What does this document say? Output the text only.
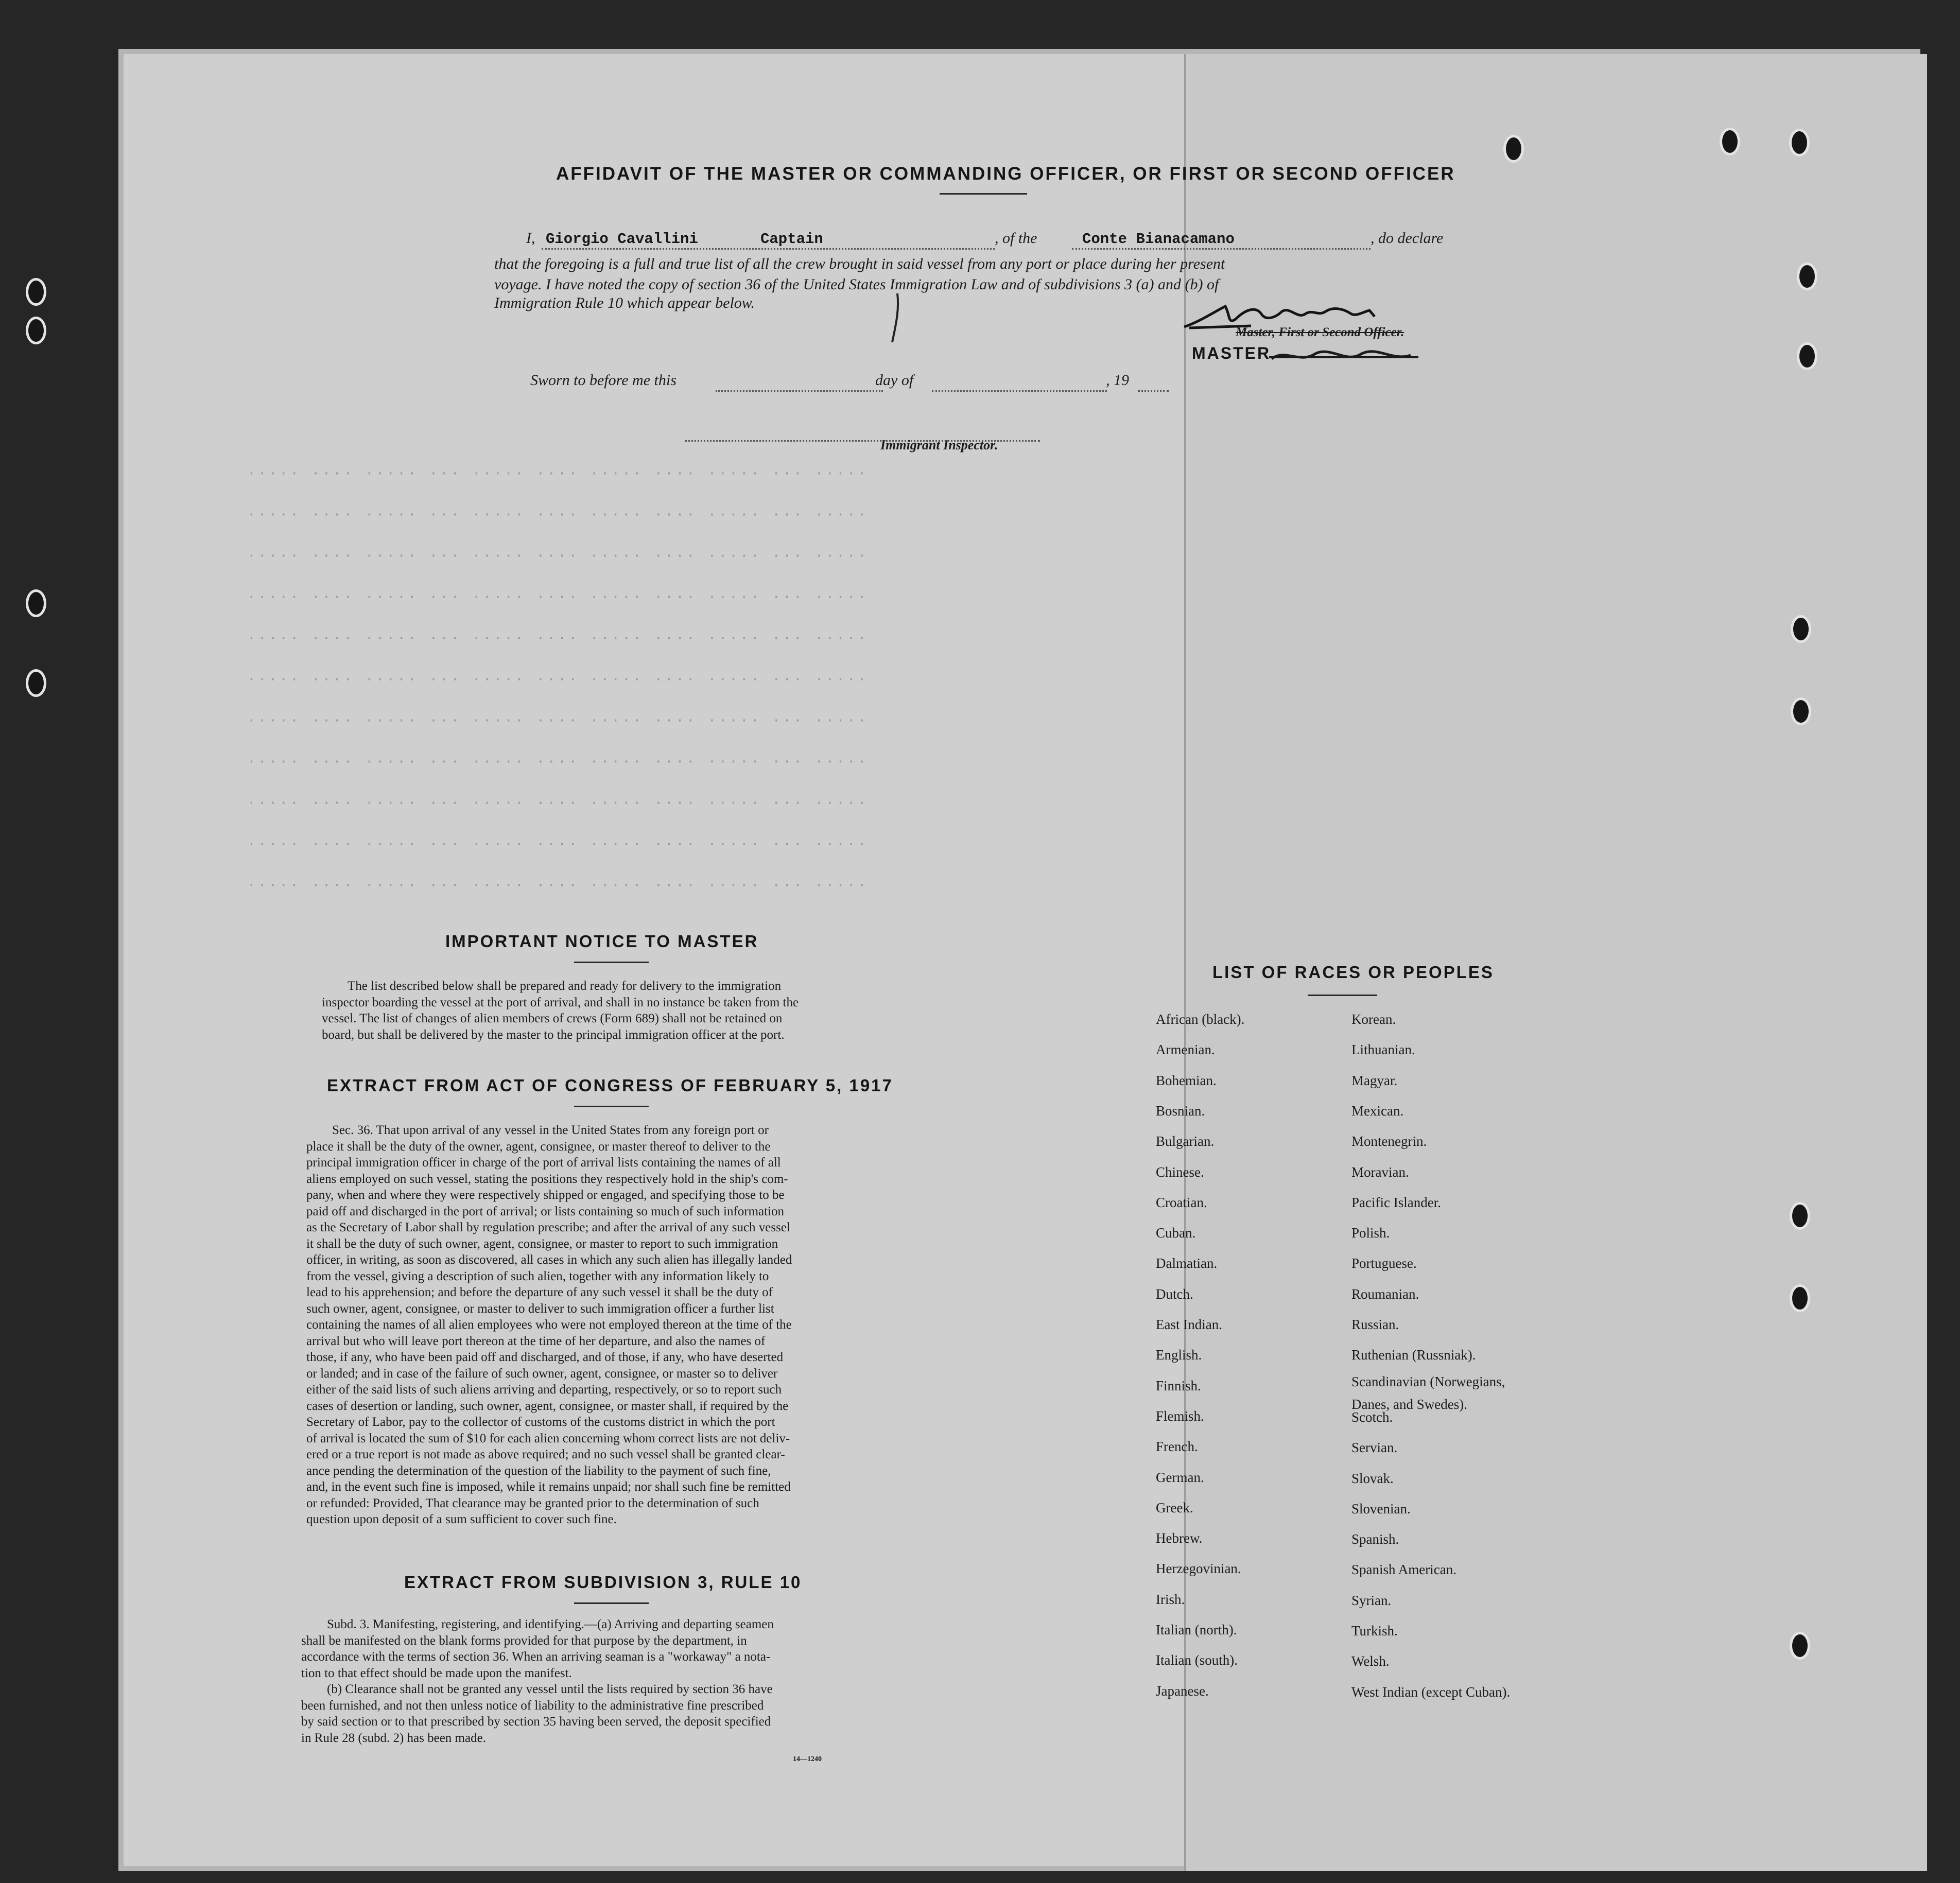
····· ···· ····· ··· ····· ···· ····· ···· ····· ··· ·····
····· ···· ····· ··· ····· ···· ····· ···· ····· ··· ·····
····· ···· ····· ··· ····· ···· ····· ···· ····· ··· ·····
····· ···· ····· ··· ····· ···· ····· ···· ····· ··· ·····
····· ···· ····· ··· ····· ···· ····· ···· ····· ··· ·····
····· ···· ····· ··· ····· ···· ····· ···· ····· ··· ·····
····· ···· ····· ··· ····· ···· ····· ···· ····· ··· ·····
····· ···· ····· ··· ····· ···· ····· ···· ····· ··· ·····
····· ···· ····· ··· ····· ···· ····· ···· ····· ··· ·····
····· ···· ····· ··· ····· ···· ····· ···· ····· ··· ·····
····· ···· ····· ··· ····· ···· ····· ···· ····· ··· ·····
AFFIDAVIT OF THE MASTER OR COMMANDING OFFICER, OR FIRST OR SECOND OFFICER
I, Giorgio Cavallini	Captain	, of the	Conte Bianacamano	, do declare
that the foregoing is a full and true list of all the crew brought in said vessel from any port or place during her present
voyage. I have noted the copy of section 36 of the United States Immigration Law and of subdivisions 3 (a) and (b) of
Immigration Rule 10 which appear below.
Master, First or Second Officer.
MASTER
Sworn to before me this	day of	, 19
Immigrant Inspector.
IMPORTANT NOTICE TO MASTER
The list described below shall be prepared and ready for delivery to the immigration
inspector boarding the vessel at the port of arrival, and shall in no instance be taken from the
vessel. The list of changes of alien members of crews (Form 689) shall not be retained on
board, but shall be delivered by the master to the principal immigration officer at the port.
EXTRACT FROM ACT OF CONGRESS OF FEBRUARY 5, 1917
Sec. 36. That upon arrival of any vessel in the United States from any foreign port or
place it shall be the duty of the owner, agent, consignee, or master thereof to deliver to the
principal immigration officer in charge of the port of arrival lists containing the names of all
aliens employed on such vessel, stating the positions they respectively hold in the ship's com-
pany, when and where they were respectively shipped or engaged, and specifying those to be
paid off and discharged in the port of arrival; or lists containing so much of such information
as the Secretary of Labor shall by regulation prescribe; and after the arrival of any such vessel
it shall be the duty of such owner, agent, consignee, or master to report to such immigration
officer, in writing, as soon as discovered, all cases in which any such alien has illegally landed
from the vessel, giving a description of such alien, together with any information likely to
lead to his apprehension; and before the departure of any such vessel it shall be the duty of
such owner, agent, consignee, or master to deliver to such immigration officer a further list
containing the names of all alien employees who were not employed thereon at the time of the
arrival but who will leave port thereon at the time of her departure, and also the names of
those, if any, who have been paid off and discharged, and of those, if any, who have deserted
or landed; and in case of the failure of such owner, agent, consignee, or master so to deliver
either of the said lists of such aliens arriving and departing, respectively, or so to report such
cases of desertion or landing, such owner, agent, consignee, or master shall, if required by the
Secretary of Labor, pay to the collector of customs of the customs district in which the port
of arrival is located the sum of $10 for each alien concerning whom correct lists are not deliv-
ered or a true report is not made as above required; and no such vessel shall be granted clear-
ance pending the determination of the question of the liability to the payment of such fine,
and, in the event such fine is imposed, while it remains unpaid; nor shall such fine be remitted
or refunded: Provided, That clearance may be granted prior to the determination of such
question upon deposit of a sum sufficient to cover such fine.
EXTRACT FROM SUBDIVISION 3, RULE 10
Subd. 3. Manifesting, registering, and identifying.—(a) Arriving and departing seamen
shall be manifested on the blank forms provided for that purpose by the department, in
accordance with the terms of section 36. When an arriving seaman is a "workaway" a nota-
tion to that effect should be made upon the manifest.
(b) Clearance shall not be granted any vessel until the lists required by section 36 have
been furnished, and not then unless notice of liability to the administrative fine prescribed
by said section or to that prescribed by section 35 having been served, the deposit specified
in Rule 28 (subd. 2) has been made.
14—1240
LIST OF RACES OR PEOPLES
African (black).
Armenian.
Bohemian.
Bosnian.
Bulgarian.
Chinese.
Croatian.
Cuban.
Dalmatian.
Dutch.
East Indian.
English.
Finnish.
Flemish.
French.
German.
Greek.
Hebrew.
Herzegovinian.
Irish.
Italian (north).
Italian (south).
Japanese.
Korean.
Lithuanian.
Magyar.
Mexican.
Montenegrin.
Moravian.
Pacific Islander.
Polish.
Portuguese.
Roumanian.
Russian.
Ruthenian (Russniak).
Scandinavian (Norwegians,
Scotch.
Servian.
Slovak.
Slovenian.
Spanish.
Spanish American.
Syrian.
Turkish.
Welsh.
West Indian (except Cuban).
Danes, and Swedes).
